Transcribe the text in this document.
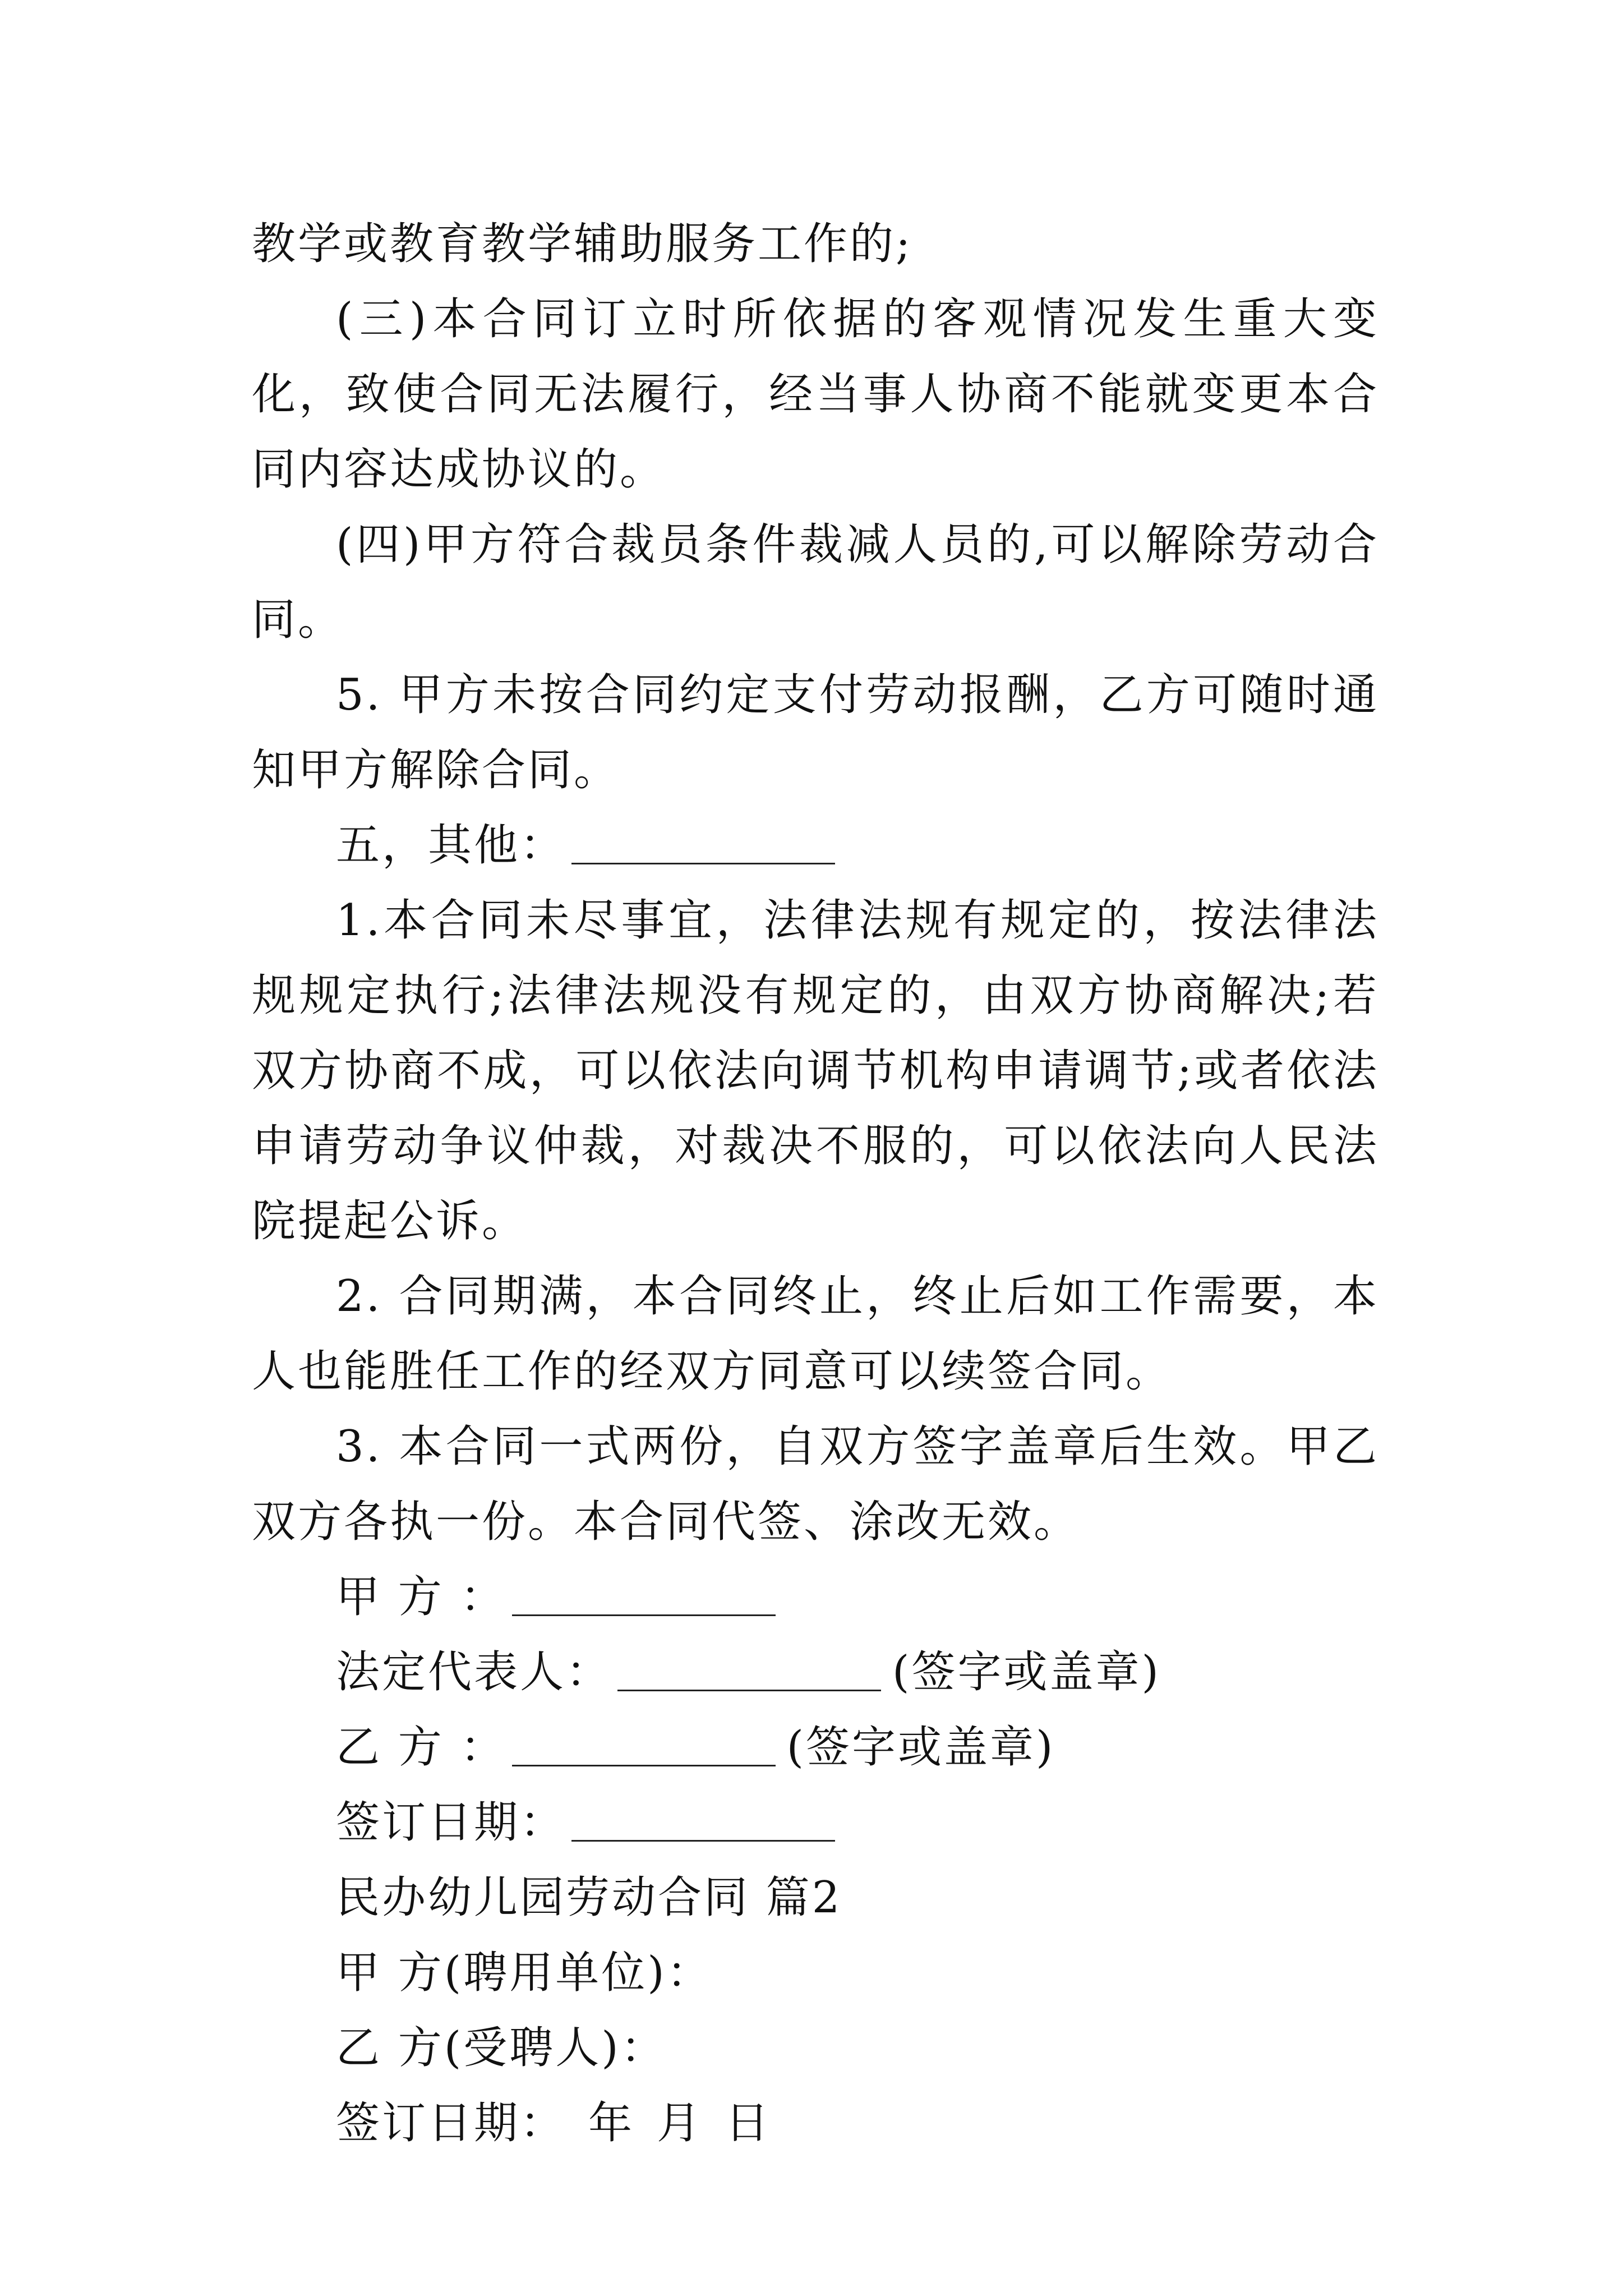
教学或教育教学辅助服务工作的;

(三)本合同订立时所依据的客观情况发生重大变化，致使合同无法履行，经当事人协商不能就变更本合同内容达成协议的。

(四)甲方符合裁员条件裁减人员的,可以解除劳动合同。

5. 甲方未按合同约定支付劳动报酬，乙方可随时通知甲方解除合同。

五，其他：

1.本合同未尽事宜，法律法规有规定的，按法律法规规定执行;法律法规没有规定的，由双方协商解决;若双方协商不成，可以依法向调节机构申请调节;或者依法申请劳动争议仲裁，对裁决不服的，可以依法向人民法院提起公诉。

2. 合同期满，本合同终止，终止后如工作需要，本人也能胜任工作的经双方同意可以续签合同。

3. 本合同一式两份，自双方签字盖章后生效。甲乙双方各执一份。本合同代签、涂改无效。

甲 方 ：

法定代表人：	(签字或盖章)

乙 方 ：	(签字或盖章)

签订日期：

民办幼儿园劳动合同 篇2

甲 方(聘用单位)：

乙 方(受聘人)：

签订日期： 年 月 日
